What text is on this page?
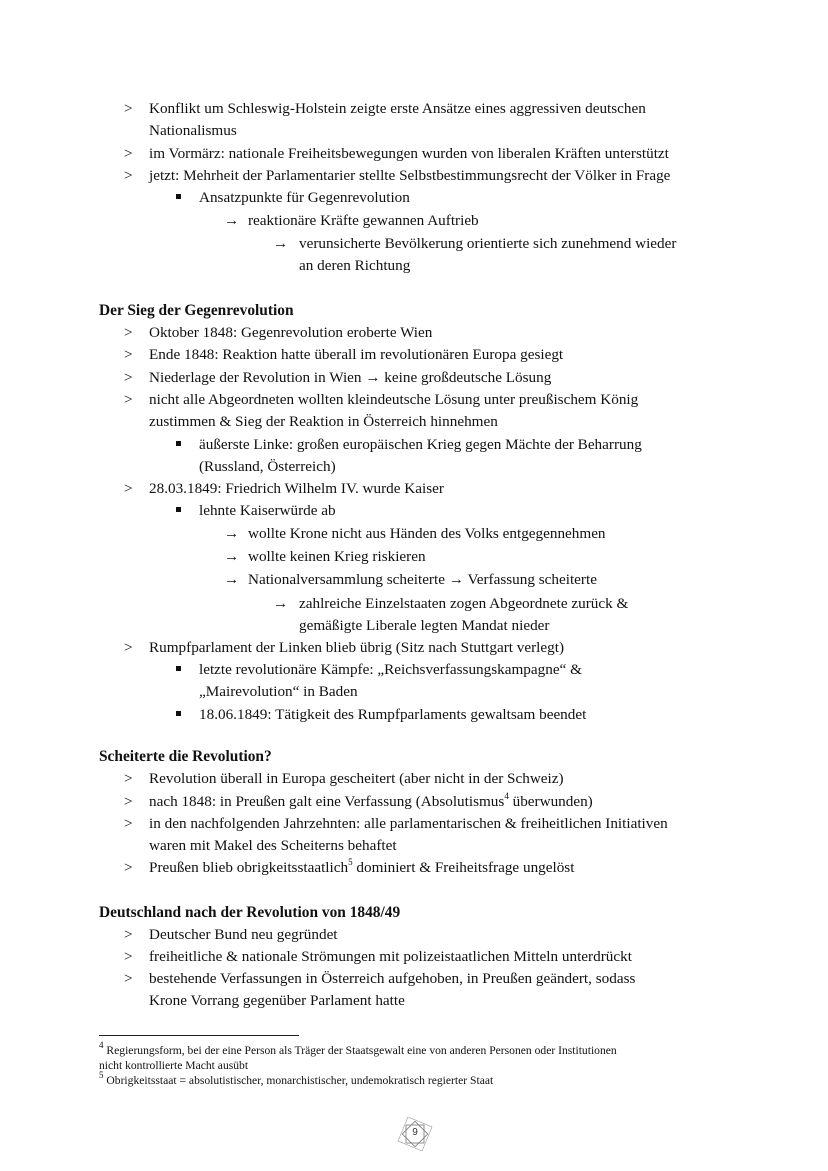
> Konflikt um Schleswig-Holstein zeigte erste Ansätze eines aggressiven deutschen
Nationalismus
> im Vormärz: nationale Freiheitsbewegungen wurden von liberalen Kräften unterstützt
> jetzt: Mehrheit der Parlamentarier stellte Selbstbestimmungsrecht der Völker in Frage
Ansatzpunkte für Gegenrevolution
→ reaktionäre Kräfte gewannen Auftrieb
→ verunsicherte Bevölkerung orientierte sich zunehmend wieder
an deren Richtung
Der Sieg der Gegenrevolution
> Oktober 1848: Gegenrevolution eroberte Wien
> Ende 1848: Reaktion hatte überall im revolutionären Europa gesiegt
> Niederlage der Revolution in Wien → keine großdeutsche Lösung
> nicht alle Abgeordneten wollten kleindeutsche Lösung unter preußischem König
zustimmen & Sieg der Reaktion in Österreich hinnehmen
äußerste Linke: großen europäischen Krieg gegen Mächte der Beharrung
(Russland, Österreich)
> 28.03.1849: Friedrich Wilhelm IV. wurde Kaiser
lehnte Kaiserwürde ab
→ wollte Krone nicht aus Händen des Volks entgegennehmen
→ wollte keinen Krieg riskieren
→ Nationalversammlung scheiterte → Verfassung scheiterte
→ zahlreiche Einzelstaaten zogen Abgeordnete zurück &
gemäßigte Liberale legten Mandat nieder
> Rumpfparlament der Linken blieb übrig (Sitz nach Stuttgart verlegt)
letzte revolutionäre Kämpfe: „Reichsverfassungskampagne“ &
„Mairevolution“ in Baden
18.06.1849: Tätigkeit des Rumpfparlaments gewaltsam beendet
Scheiterte die Revolution?
> Revolution überall in Europa gescheitert (aber nicht in der Schweiz)
> nach 1848: in Preußen galt eine Verfassung (Absolutismus$^4$ überwunden)
> in den nachfolgenden Jahrzehnten: alle parlamentarischen & freiheitlichen Initiativen
waren mit Makel des Scheiterns behaftet
> Preußen blieb obrigkeitsstaatlich$^5$ dominiert & Freiheitsfrage ungelöst
Deutschland nach der Revolution von 1848/49
> Deutscher Bund neu gegründet
> freiheitliche & nationale Strömungen mit polizeistaatlichen Mitteln unterdrückt
> bestehende Verfassungen in Österreich aufgehoben, in Preußen geändert, sodass
Krone Vorrang gegenüber Parlament hatte
$^4$ Regierungsform, bei der eine Person als Träger der Staatsgewalt eine von anderen Personen oder Institutionen
nicht kontrollierte Macht ausübt
$^5$ Obrigkeitsstaat = absolutistischer, monarchistischer, undemokratisch regierter Staat
9
